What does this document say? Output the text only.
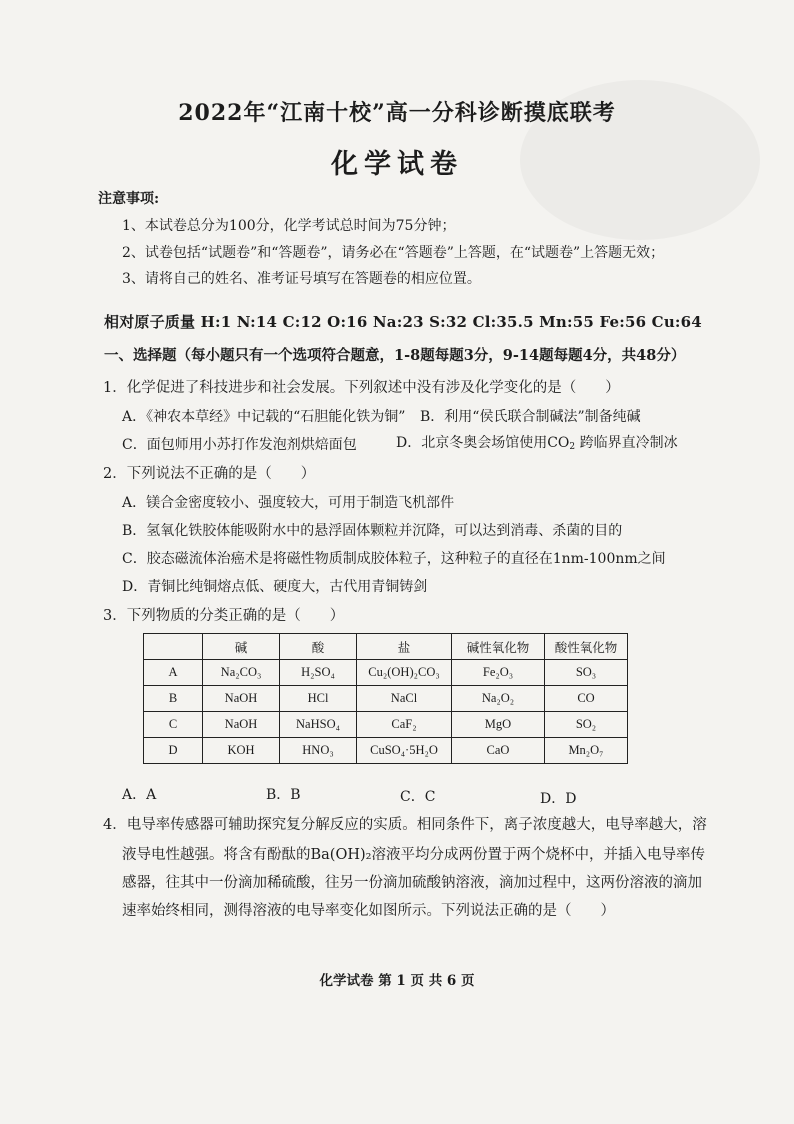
2022年“江南十校”高一分科诊断摸底联考
化学试卷
注意事项:
1、本试卷总分为100分，化学考试总时间为75分钟；
2、试卷包括“试题卷”和“答题卷”，请务必在“答题卷”上答题，在“试题卷”上答题无效；
3、请将自己的姓名、准考证号填写在答题卷的相应位置。
相对原子质量 H:1 N:14 C:12 O:16 Na:23 S:32 Cl:35.5 Mn:55 Fe:56 Cu:64
一、选择题（每小题只有一个选项符合题意，1-8题每题3分，9-14题每题4分，共48分）
1．化学促进了科技进步和社会发展。下列叙述中没有涉及化学变化的是（　　）
A．《神农本草经》中记载的“石胆能化铁为铜” B．利用“侯氏联合制碱法”制备纯碱
C．面包师用小苏打作发泡剂烘焙面包	D．北京冬奥会场馆使用$CO_2$ 跨临界直冷制冰
2．下列说法不正确的是（　　）
A．镁合金密度较小、强度较大，可用于制造飞机部件
B．氢氧化铁胶体能吸附水中的悬浮固体颗粒并沉降，可以达到消毒、杀菌的目的
C．胶态磁流体治癌术是将磁性物质制成胶体粒子，这种粒子的直径在1nm-100nm之间
D．青铜比纯铜熔点低、硬度大，古代用青铜铸剑
3．下列物质的分类正确的是（　　）
	碱	酸	盐	碱性氧化物	酸性氧化物
A	Na₂CO₃	H₂SO₄	Cu₂(OH)₂CO₃	Fe₂O₃	SO₃
B	NaOH	HCl	NaCl	Na₂O₂	CO
C	NaOH	NaHSO₄	CaF₂	MgO	SO₂
D	KOH	HNO₃	CuSO₄·5H₂O	CaO	Mn₂O₇
A．A	B．B	C．C	D．D
4．电导率传感器可辅助探究复分解反应的实质。相同条件下，离子浓度越大，电导率越大，溶
液导电性越强。将含有酚酞的Ba(OH)₂溶液平均分成两份置于两个烧杯中，并插入电导率传
感器，往其中一份滴加稀硫酸，往另一份滴加硫酸钠溶液，滴加过程中，这两份溶液的滴加
速率始终相同，测得溶液的电导率变化如图所示。下列说法正确的是（　　）
化学试卷 第 1 页 共 6 页
